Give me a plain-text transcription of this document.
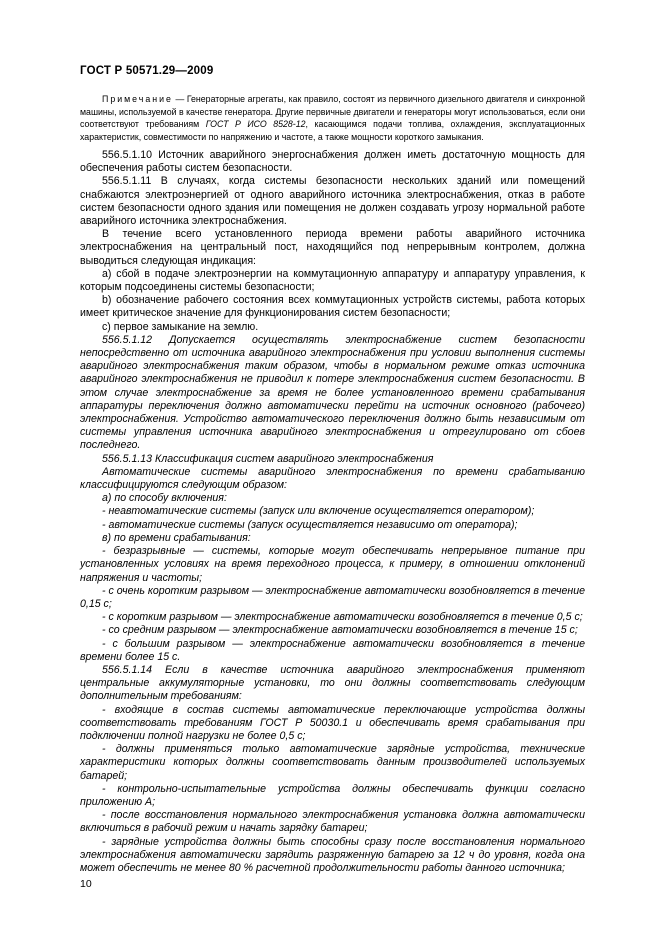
ГОСТ Р 50571.29—2009
Примечание — Генераторные агрегаты, как правило, состоят из первичного дизельного двигателя и синхронной машины, используемой в качестве генератора. Другие первичные двигатели и генераторы могут использоваться, если они соответствуют требованиям ГОСТ Р ИСО 8528-12, касающимся подачи топлива, охлаждения, эксплуатационных характеристик, совместимости по напряжению и частоте, а также мощности короткого замыкания.

556.5.1.10 Источник аварийного энергоснабжения должен иметь достаточную мощность для обеспечения работы систем безопасности.

556.5.1.11 В случаях, когда системы безопасности нескольких зданий или помещений снабжаются электроэнергией от одного аварийного источника электроснабжения, отказ в работе систем безопасности одного здания или помещения не должен создавать угрозу нормальной работе аварийного источника электроснабжения.

В течение всего установленного периода времени работы аварийного источника электроснабжения на центральный пост, находящийся под непрерывным контролем, должна выводиться следующая индикация:

а) сбой в подаче электроэнергии на коммутационную аппаратуру и аппаратуру управления, к которым подсоединены системы безопасности;

b) обозначение рабочего состояния всех коммутационных устройств системы, работа которых имеет критическое значение для функционирования систем безопасности;

c) первое замыкание на землю.

556.5.1.12 Допускается осуществлять электроснабжение систем безопасности непосредственно от источника аварийного электроснабжения при условии выполнения системы аварийного электроснабжения таким образом, чтобы в нормальном режиме отказ источника аварийного электроснабжения не приводил к потере электроснабжения систем безопасности. В этом случае электроснабжение за время не более установленного времени срабатывания аппаратуры переключения должно автоматически перейти на источник основного (рабочего) электроснабжения. Устройство автоматического переключения должно быть независимым от системы управления источника аварийного электроснабжения и отрегулировано от сбоев последнего.

556.5.1.13 Классификация систем аварийного электроснабжения

Автоматические системы аварийного электроснабжения по времени срабатыванию классифицируются следующим образом:

а) по способу включения:

- неавтоматические системы (запуск или включение осуществляется оператором);

- автоматические системы (запуск осуществляется независимо от оператора);

в) по времени срабатывания:

- безразрывные — системы, которые могут обеспечивать непрерывное питание при установленных условиях на время переходного процесса, к примеру, в отношении отклонений напряжения и частоты;

- с очень коротким разрывом — электроснабжение автоматически возобновляется в течение 0,15 с;

- с коротким разрывом — электроснабжение автоматически возобновляется в течение 0,5 с;

- со средним разрывом — электроснабжение автоматически возобновляется в течение 15 с;

- с большим разрывом — электроснабжение автоматически возобновляется в течение времени более 15 с.

556.5.1.14 Если в качестве источника аварийного электроснабжения применяют центральные аккумуляторные установки, то они должны соответствовать следующим дополнительным требованиям:

- входящие в состав системы автоматические переключающие устройства должны соответствовать требованиям ГОСТ Р 50030.1 и обеспечивать время срабатывания при подключении полной нагрузки не более 0,5 с;

- должны применяться только автоматические зарядные устройства, технические характеристики которых должны соответствовать данным производителей используемых батарей;

- контрольно-испытательные устройства должны обеспечивать функции согласно приложению А;

- после восстановления нормального электроснабжения установка должна автоматически включиться в рабочий режим и начать зарядку батареи;

- зарядные устройства должны быть способны сразу после восстановления нормального электроснабжения автоматически зарядить разряженную батарею за 12 ч до уровня, когда она может обеспечить не менее 80 % расчетной продолжительности работы данного источника;

10
